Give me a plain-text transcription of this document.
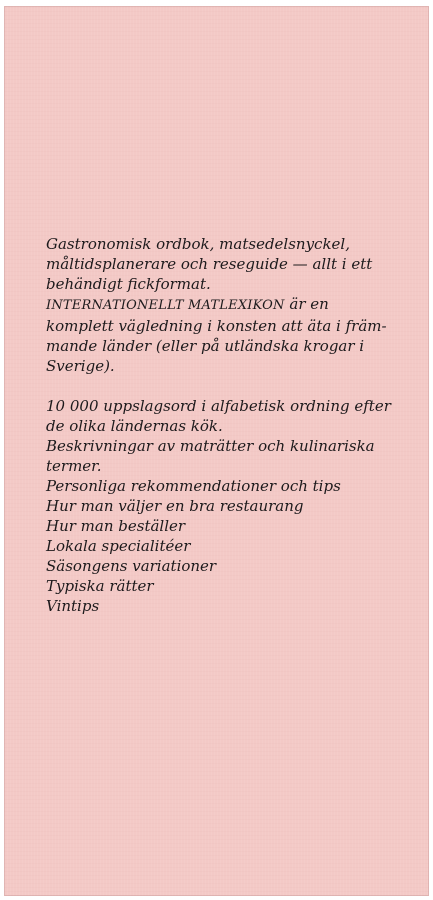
Gastronomisk ordbok, matsedelsnyckel,
måltidsplanerare och reseguide — allt i ett
behändigt fickformat.
INTERNATIONELLT MATLEXIKON är en
komplett vägledning i konsten att äta i främ-
mande länder (eller på utländska krogar i
Sverige).

10 000 uppslagsord i alfabetisk ordning efter
de olika ländernas kök.
Beskrivningar av maträtter och kulinariska
termer.
Personliga rekommendationer och tips
Hur man väljer en bra restaurang
Hur man beställer
Lokala specialitéer
Säsongens variationer
Typiska rätter
Vintips
